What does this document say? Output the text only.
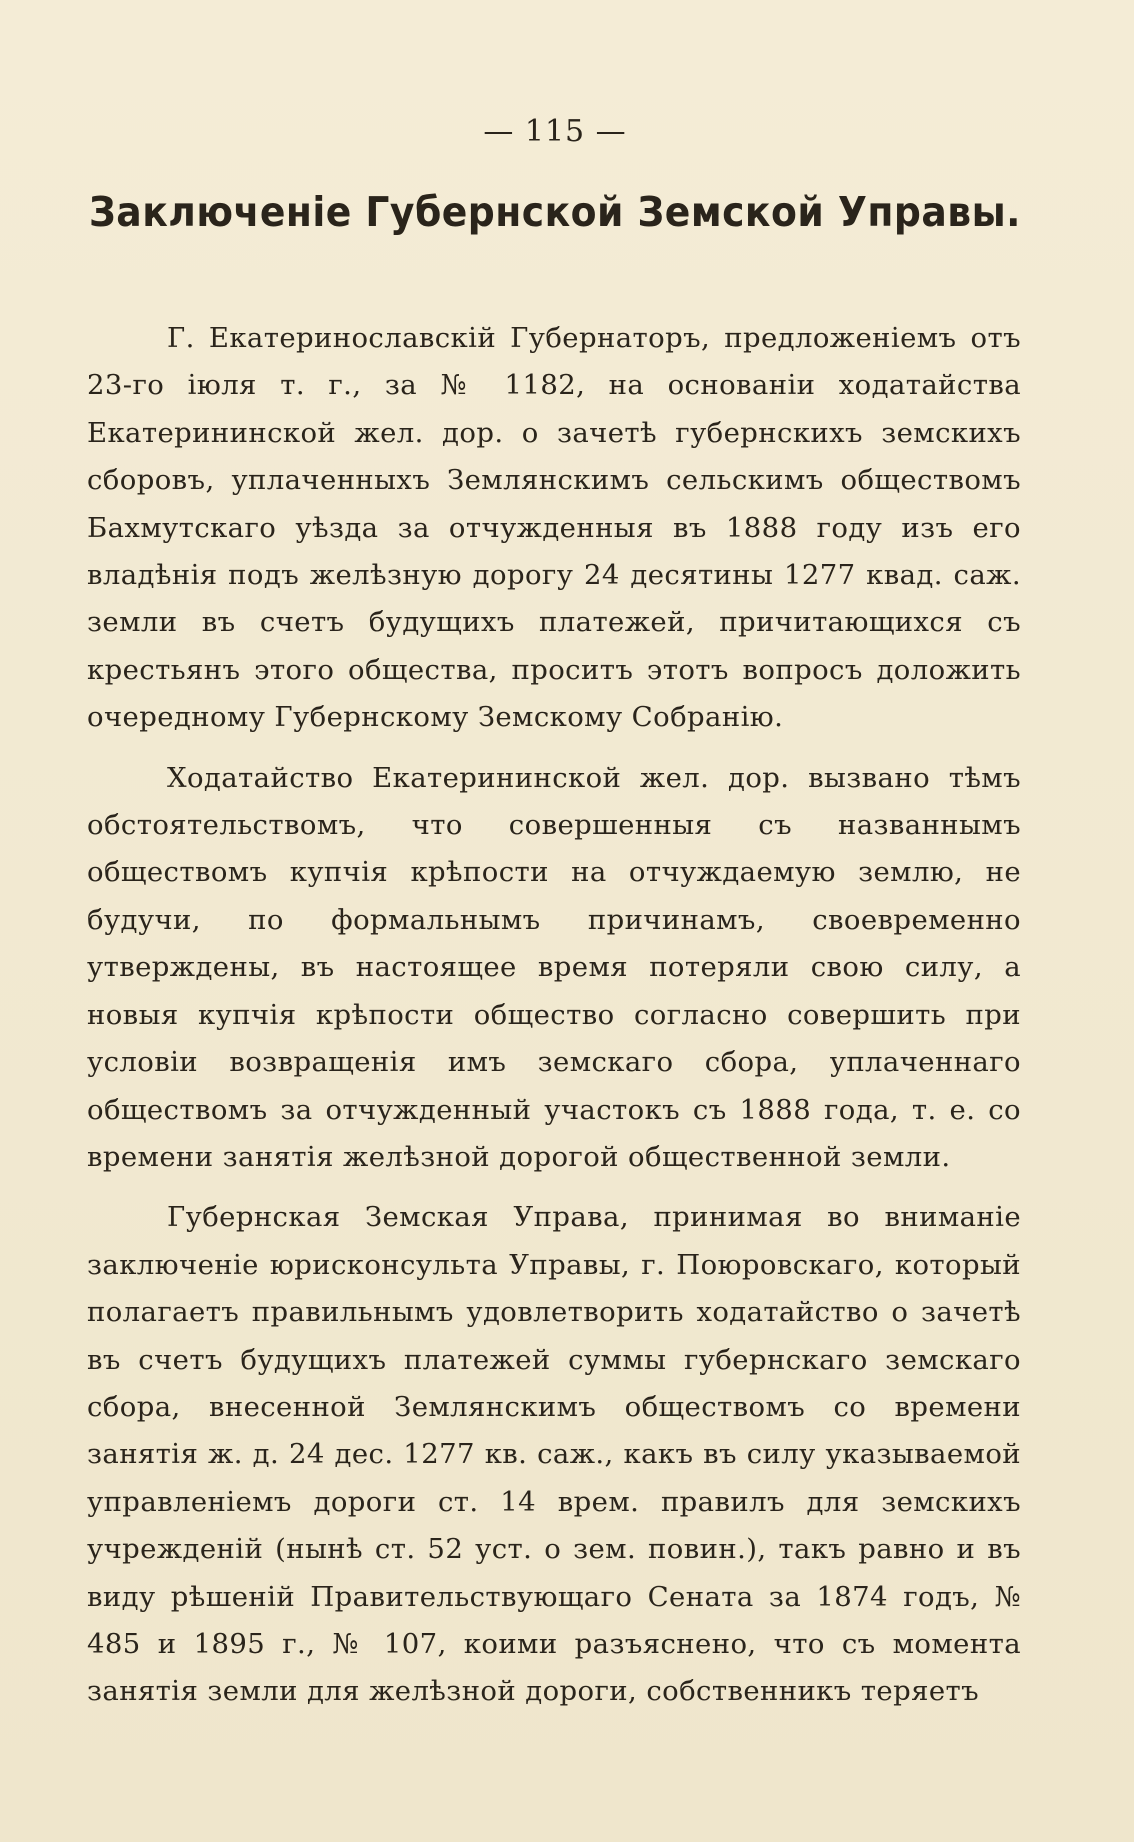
— 115 —
Заключенiе Губернской Земской Управы.

Г. Екатеринославскiй Губернаторъ, предложенiемъ отъ 23-го iюля т. г., за № 1182, на основанiи ходатайства Екатерининской жел. дор. о зачетѣ губернскихъ земскихъ сборовъ, уплаченныхъ Землянскимъ сельскимъ обществомъ Бахмутскаго уѣзда за отчужденныя въ 1888 году изъ его владѣнiя подъ желѣзную дорогу 24 десятины 1277 квад. саж. земли въ счетъ будущихъ платежей, причитающихся съ крестьянъ этого общества, проситъ этотъ вопросъ доложить очередному Губернскому Земскому Собранiю.

Ходатайство Екатерининской жел. дор. вызвано тѣмъ обстоятельствомъ, что совершенныя съ названнымъ обществомъ купчiя крѣпости на отчуждаемую землю, не будучи, по формальнымъ причинамъ, своевременно утверждены, въ настоящее время потеряли свою силу, а новыя купчiя крѣпости общество согласно совершить при условiи возвращенiя имъ земскаго сбора, уплаченнаго обществомъ за отчужденный участокъ съ 1888 года, т. е. со времени занятiя желѣзной дорогой общественной земли.

Губернская Земская Управа, принимая во вниманiе заключенiе юрисконсульта Управы, г. Поюровскаго, который полагаетъ правильнымъ удовлетворить ходатайство о зачетѣ въ счетъ будущихъ платежей суммы губернскаго земскаго сбора, внесенной Землянскимъ обществомъ со времени занятiя ж. д. 24 дес. 1277 кв. саж., какъ въ силу указываемой управленiемъ дороги ст. 14 врем. правилъ для земскихъ учрежденiй (нынѣ ст. 52 уст. о зем. повин.), такъ равно и въ виду рѣшенiй Правительствующаго Сената за 1874 годъ, № 485 и 1895 г., № 107, коими разъяснено, что съ момента занятiя земли для желѣзной дороги, собственникъ теряетъ
